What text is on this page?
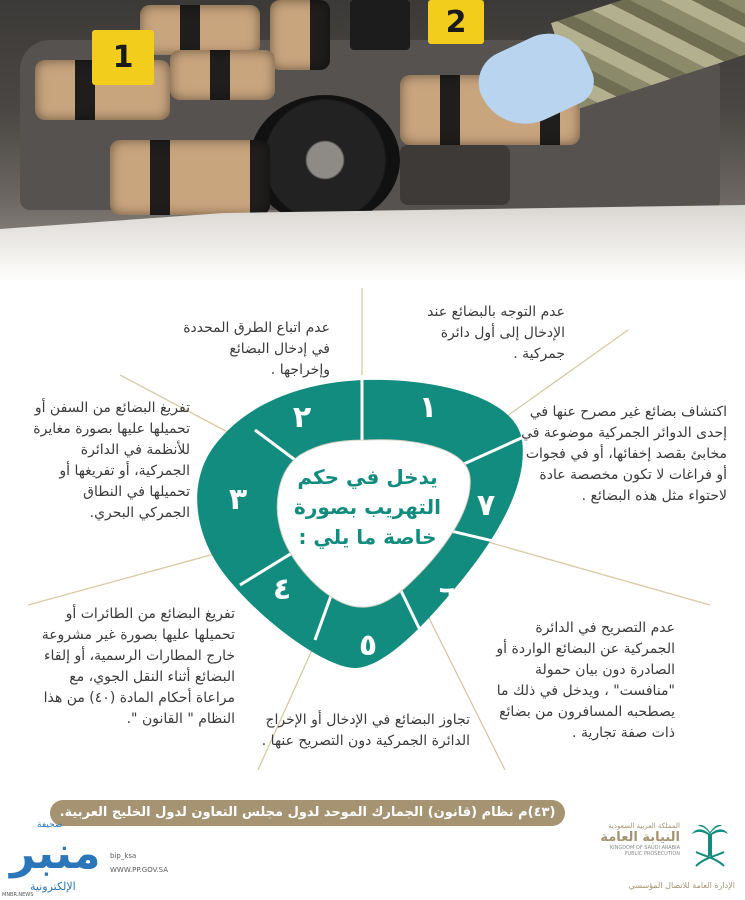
1
2
يدخل في حكم التهريب بصورة خاصة ما يلي :
١
٢
٣
٤
٥
٦
٧
عدم التوجه بالبضائع عند الإدخال إلى أول دائرة جمركية .
عدم اتباع الطرق المحددة في إدخال البضائع وإخراجها .
تفريغ البضائع من السفن أو تحميلها عليها بصورة مغايرة للأنظمة في الدائرة الجمركية، أو تفريغها أو تحميلها في النطاق الجمركي البحري.
تفريغ البضائع من الطائرات أو تحميلها عليها بصورة غير مشروعة خارج المطارات الرسمية، أو إلقاء البضائع أثناء النقل الجوي، مع مراعاة أحكام المادة (٤٠) من هذا النظام " القانون ".	تجاوز البضائع في الإدخال أو الإخراج الدائرة الجمركية دون التصريح عنها .
عدم التصريح في الدائرة الجمركية عن البضائع الواردة أو الصادرة دون بيان حمولة "منافست" ، ويدخل في ذلك ما يصطحبه المسافرون من بضائع ذات صفة تجارية .
اكتشاف بضائع غير مصرح عنها في إحدى الدوائر الجمركية موضوعة في مخابئ بقصد إخفائها، أو في فجوات أو فراغات لا تكون مخصصة عادة لاحتواء مثل هذه البضائع .
(٤٣)م نظام (قانون) الجمارك الموحد لدول مجلس التعاون لدول الخليج العربية.
bip_ksa
WWW.PP.GOV.SA
المملكة العربية السعودية
النيابة العامة
KINGDOM OF SAUDI ARABIA
PUBLIC PROSECUTION
الإدارة العامة للاتصال المؤسسي
صحيفة
منبر
الإلكترونية
MNBR.NEWS
